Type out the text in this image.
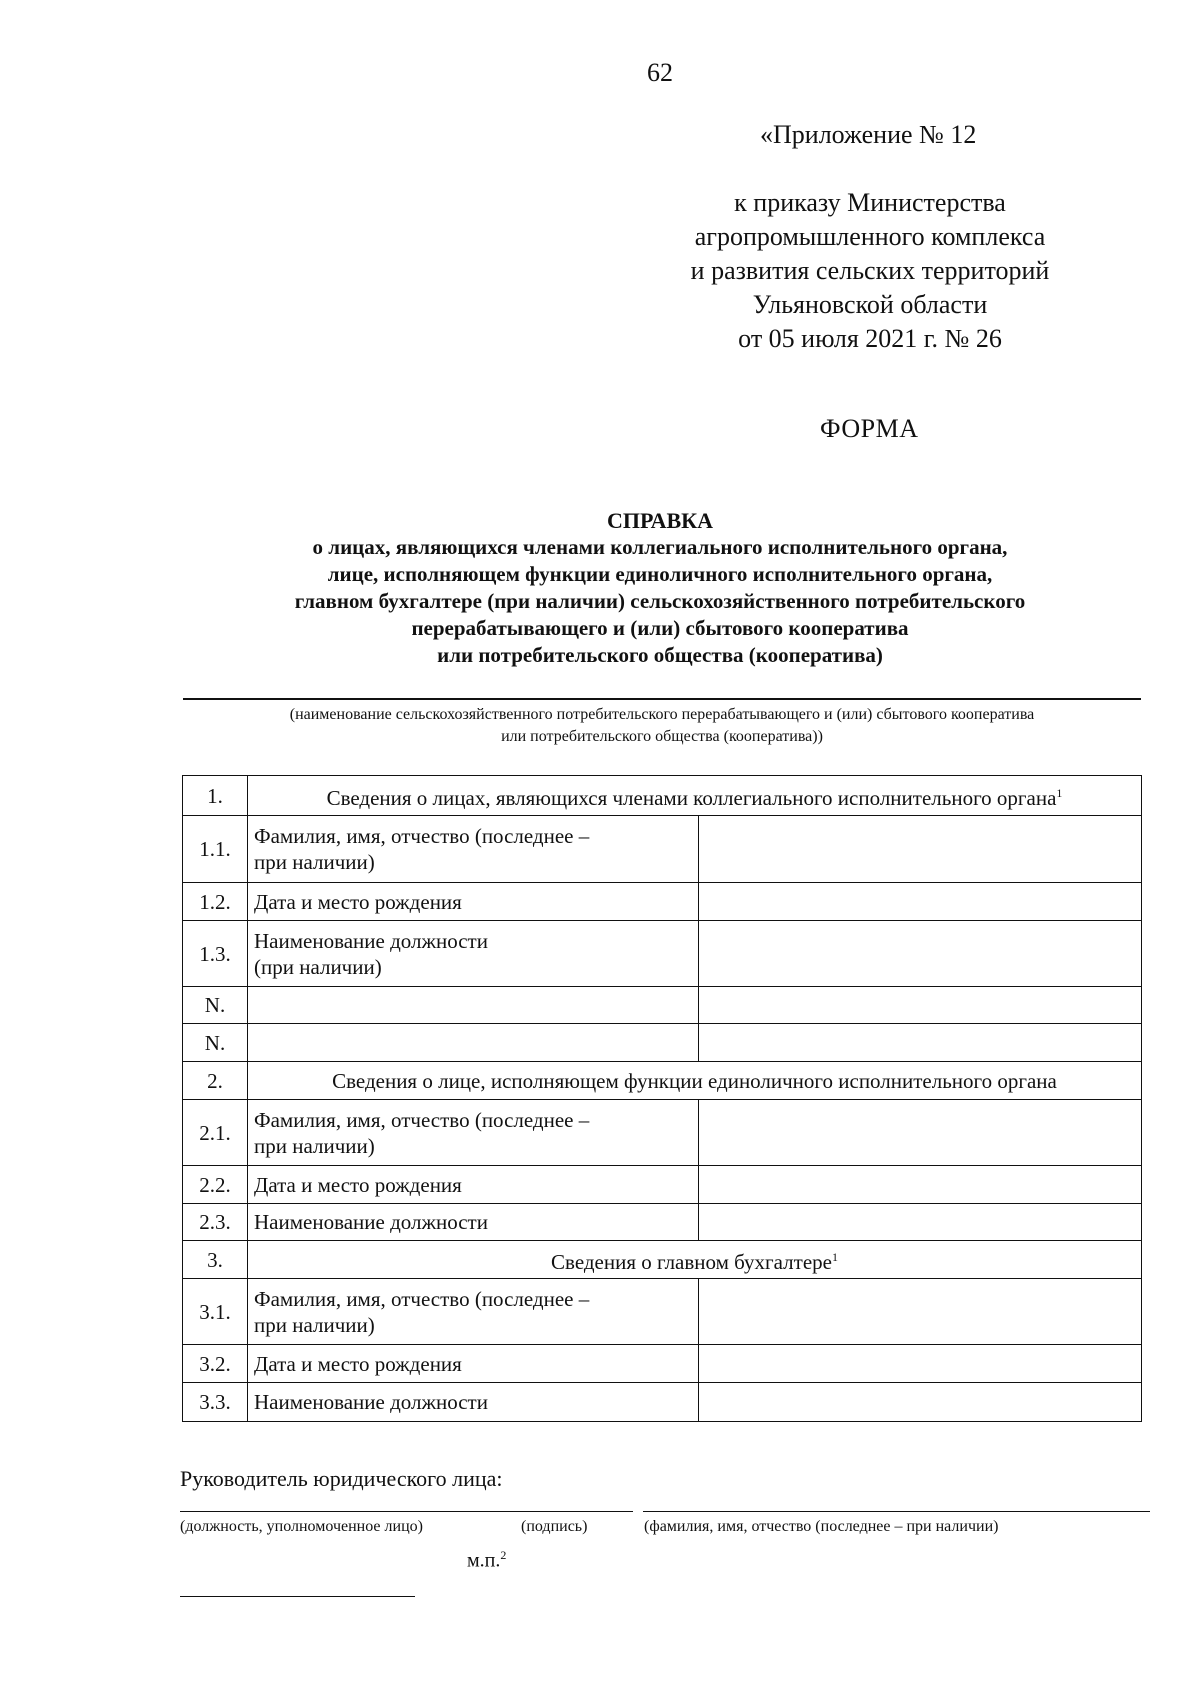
62
«Приложение № 12
к приказу Министерства
агропромышленного комплекса
и развития сельских территорий
Ульяновской области
от 05 июля 2021 г. № 26
ФОРМА
СПРАВКА
о лицах, являющихся членами коллегиального исполнительного органа,
лице, исполняющем функции единоличного исполнительного органа,
главном бухгалтере (при наличии) сельскохозяйственного потребительского
перерабатывающего и (или) сбытового кооператива
или потребительского общества (кооператива)
(наименование сельскохозяйственного потребительского перерабатывающего и (или) сбытового кооператива
или потребительского общества (кооператива))
1.	Сведения о лицах, являющихся членами коллегиального исполнительного органа$^1$
1.1.	Фамилия, имя, отчество (последнее –
при наличии)	

1.2.	Дата и место рождения	
1.3.	Наименование должности
(при наличии)	

N.		
N.		
2.	Сведения о лице, исполняющем функции единоличного исполнительного органа	
2.1.	Фамилия, имя, отчество (последнее –
при наличии)	

2.2.	Дата и место рождения	
2.3.	Наименование должности	
3.	Сведения о главном бухгалтере$^1$
3.1.	Фамилия, имя, отчество (последнее –
при наличии)	

3.2.	Дата и место рождения	
3.3.	Наименование должности	
Руководитель юридического лица:
(должность, уполномоченное лицо)	(подпись)	(фамилия, имя, отчество (последнее – при наличии)
м.п.$^2$
